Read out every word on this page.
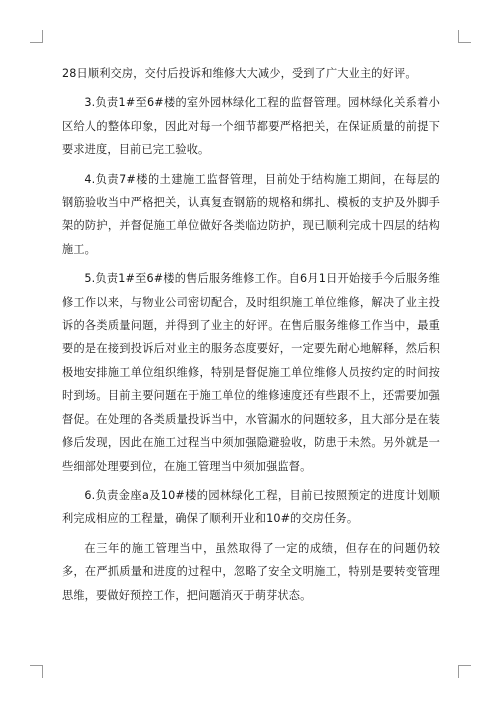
28日顺利交房，交付后投诉和维修大大减少，受到了广大业主的好评。

3.负责1#至6#楼的室外园林绿化工程的监督管理。园林绿化关系着小区给人的整体印象，因此对每一个细节都要严格把关，在保证质量的前提下要求进度，目前已完工验收。

4.负责7#楼的土建施工监督管理，目前处于结构施工期间，在每层的钢筋验收当中严格把关，认真复查钢筋的规格和绑扎、模板的支护及外脚手架的防护，并督促施工单位做好各类临边防护，现已顺利完成十四层的结构施工。

5.负责1#至6#楼的售后服务维修工作。自6月1日开始接手今后服务维修工作以来，与物业公司密切配合，及时组织施工单位维修，解决了业主投诉的各类质量问题，并得到了业主的好评。在售后服务维修工作当中，最重要的是在接到投诉后对业主的服务态度要好，一定要先耐心地解释，然后积极地安排施工单位组织维修，特别是督促施工单位维修人员按约定的时间按时到场。目前主要问题在于施工单位的维修速度还有些跟不上，还需要加强督促。在处理的各类质量投诉当中，水管漏水的问题较多，且大部分是在装修后发现，因此在施工过程当中须加强隐避验收，防患于未然。另外就是一些细部处理要到位，在施工管理当中须加强监督。

6.负责金座a及10#楼的园林绿化工程，目前已按照预定的进度计划顺利完成相应的工程量，确保了顺利开业和10#的交房任务。

在三年的施工管理当中，虽然取得了一定的成绩，但存在的问题仍较多，在严抓质量和进度的过程中，忽略了安全文明施工，特别是要转变管理思维，要做好预控工作，把问题消灭于萌芽状态。
